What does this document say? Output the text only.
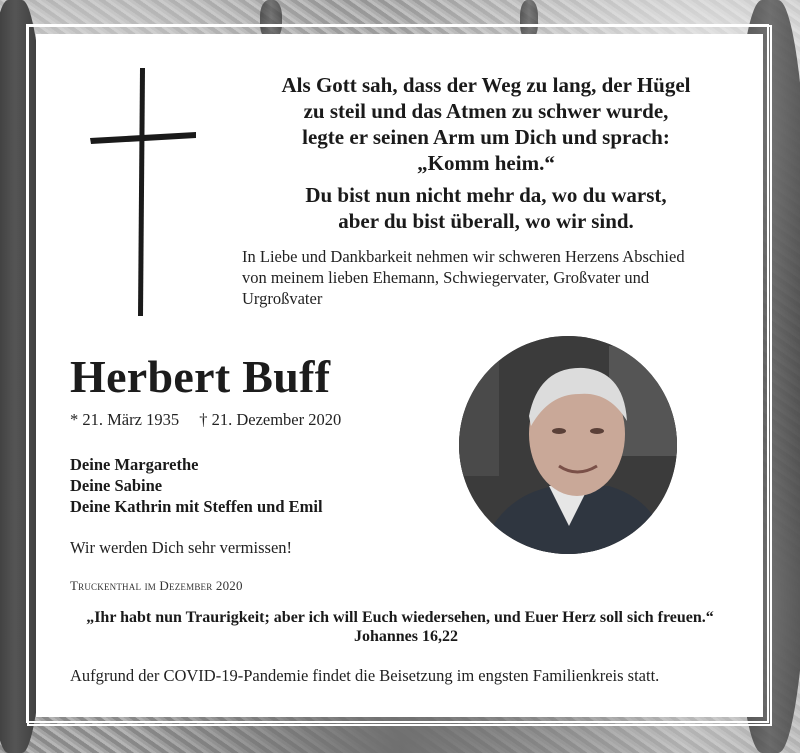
Als Gott sah, dass der Weg zu lang, der Hügel

zu steil und das Atmen zu schwer wurde,

legte er seinen Arm um Dich und sprach:

„Komm heim.“

Du bist nun nicht mehr da, wo du warst,

aber du bist überall, wo wir sind.

In Liebe und Dankbarkeit nehmen wir schweren Herzens Abschied
von meinem lieben Ehemann, Schwiegervater, Großvater und
Urgroßvater
Herbert Buff
* 21. März 1935 † 21. Dezember 2020
Deine Margarethe
Deine Sabine
Deine Kathrin mit Steffen und Emil
Wir werden Dich sehr vermissen!
Truckenthal im Dezember 2020
„Ihr habt nun Traurigkeit; aber ich will Euch wiedersehen, und Euer Herz soll sich freuen.“
Johannes 16,22
Aufgrund der COVID-19-Pandemie findet die Beisetzung im engsten Familienkreis statt.
